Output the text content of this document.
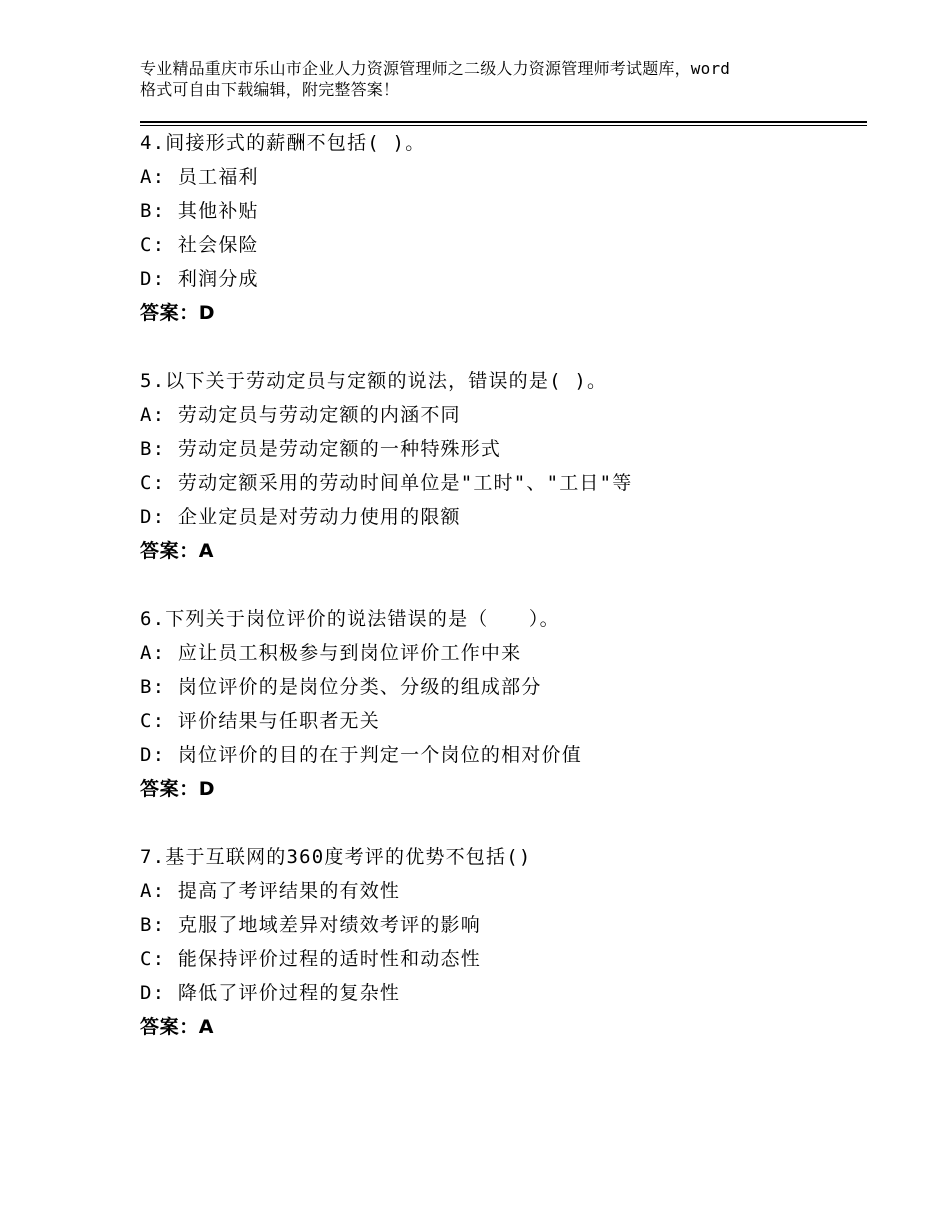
专业精品重庆市乐山市企业人力资源管理师之二级人力资源管理师考试题库，word
格式可自由下载编辑，附完整答案！
4.间接形式的薪酬不包括( )。
A: 员工福利
B: 其他补贴
C: 社会保险
D: 利润分成
答案：D
5.以下关于劳动定员与定额的说法，错误的是( )。
A: 劳动定员与劳动定额的内涵不同
B: 劳动定员是劳动定额的一种特殊形式
C: 劳动定额采用的劳动时间单位是"工时"、"工日"等
D: 企业定员是对劳动力使用的限额
答案：A
6.下列关于岗位评价的说法错误的是（　　）。
A: 应让员工积极参与到岗位评价工作中来
B: 岗位评价的是岗位分类、分级的组成部分
C: 评价结果与任职者无关
D: 岗位评价的目的在于判定一个岗位的相对价值
答案：D
7.基于互联网的360度考评的优势不包括()
A: 提高了考评结果的有效性
B: 克服了地域差异对绩效考评的影响
C: 能保持评价过程的适时性和动态性
D: 降低了评价过程的复杂性
答案：A
